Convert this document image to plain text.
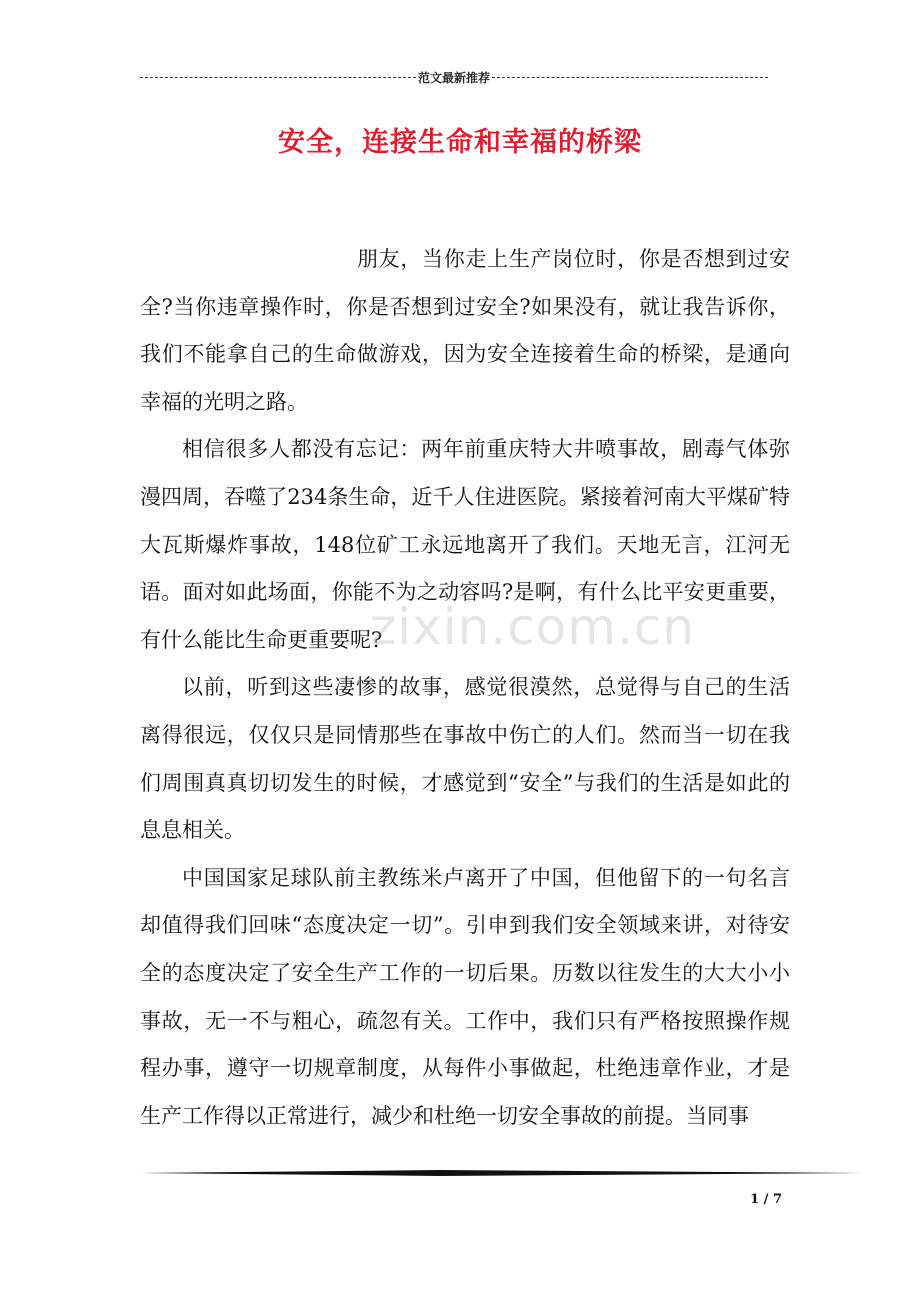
范文最新推荐
安全，连接生命和幸福的桥梁

朋友，当你走上生产岗位时，你是否想到过安全?当你违章操作时，你是否想到过安全?如果没有，就让我告诉你，我们不能拿自己的生命做游戏，因为安全连接着生命的桥梁，是通向幸福的光明之路。

相信很多人都没有忘记：两年前重庆特大井喷事故，剧毒气体弥漫四周，吞噬了234条生命，近千人住进医院。紧接着河南大平煤矿特大瓦斯爆炸事故，148位矿工永远地离开了我们。天地无言，江河无语。面对如此场面，你能不为之动容吗?是啊，有什么比平安更重要，有什么能比生命更重要呢?

以前，听到这些凄惨的故事，感觉很漠然，总觉得与自己的生活离得很远，仅仅只是同情那些在事故中伤亡的人们。然而当一切在我们周围真真切切发生的时候，才感觉到“安全”与我们的生活是如此的息息相关。

中国国家足球队前主教练米卢离开了中国，但他留下的一句名言却值得我们回味“态度决定一切”。引申到我们安全领域来讲，对待安全的态度决定了安全生产工作的一切后果。历数以往发生的大大小小事故，无一不与粗心，疏忽有关。工作中，我们只有严格按照操作规程办事，遵守一切规章制度，从每件小事做起，杜绝违章作业，才是生产工作得以正常进行，减少和杜绝一切安全事故的前提。当同事

zixin.com.cn
1 / 7
